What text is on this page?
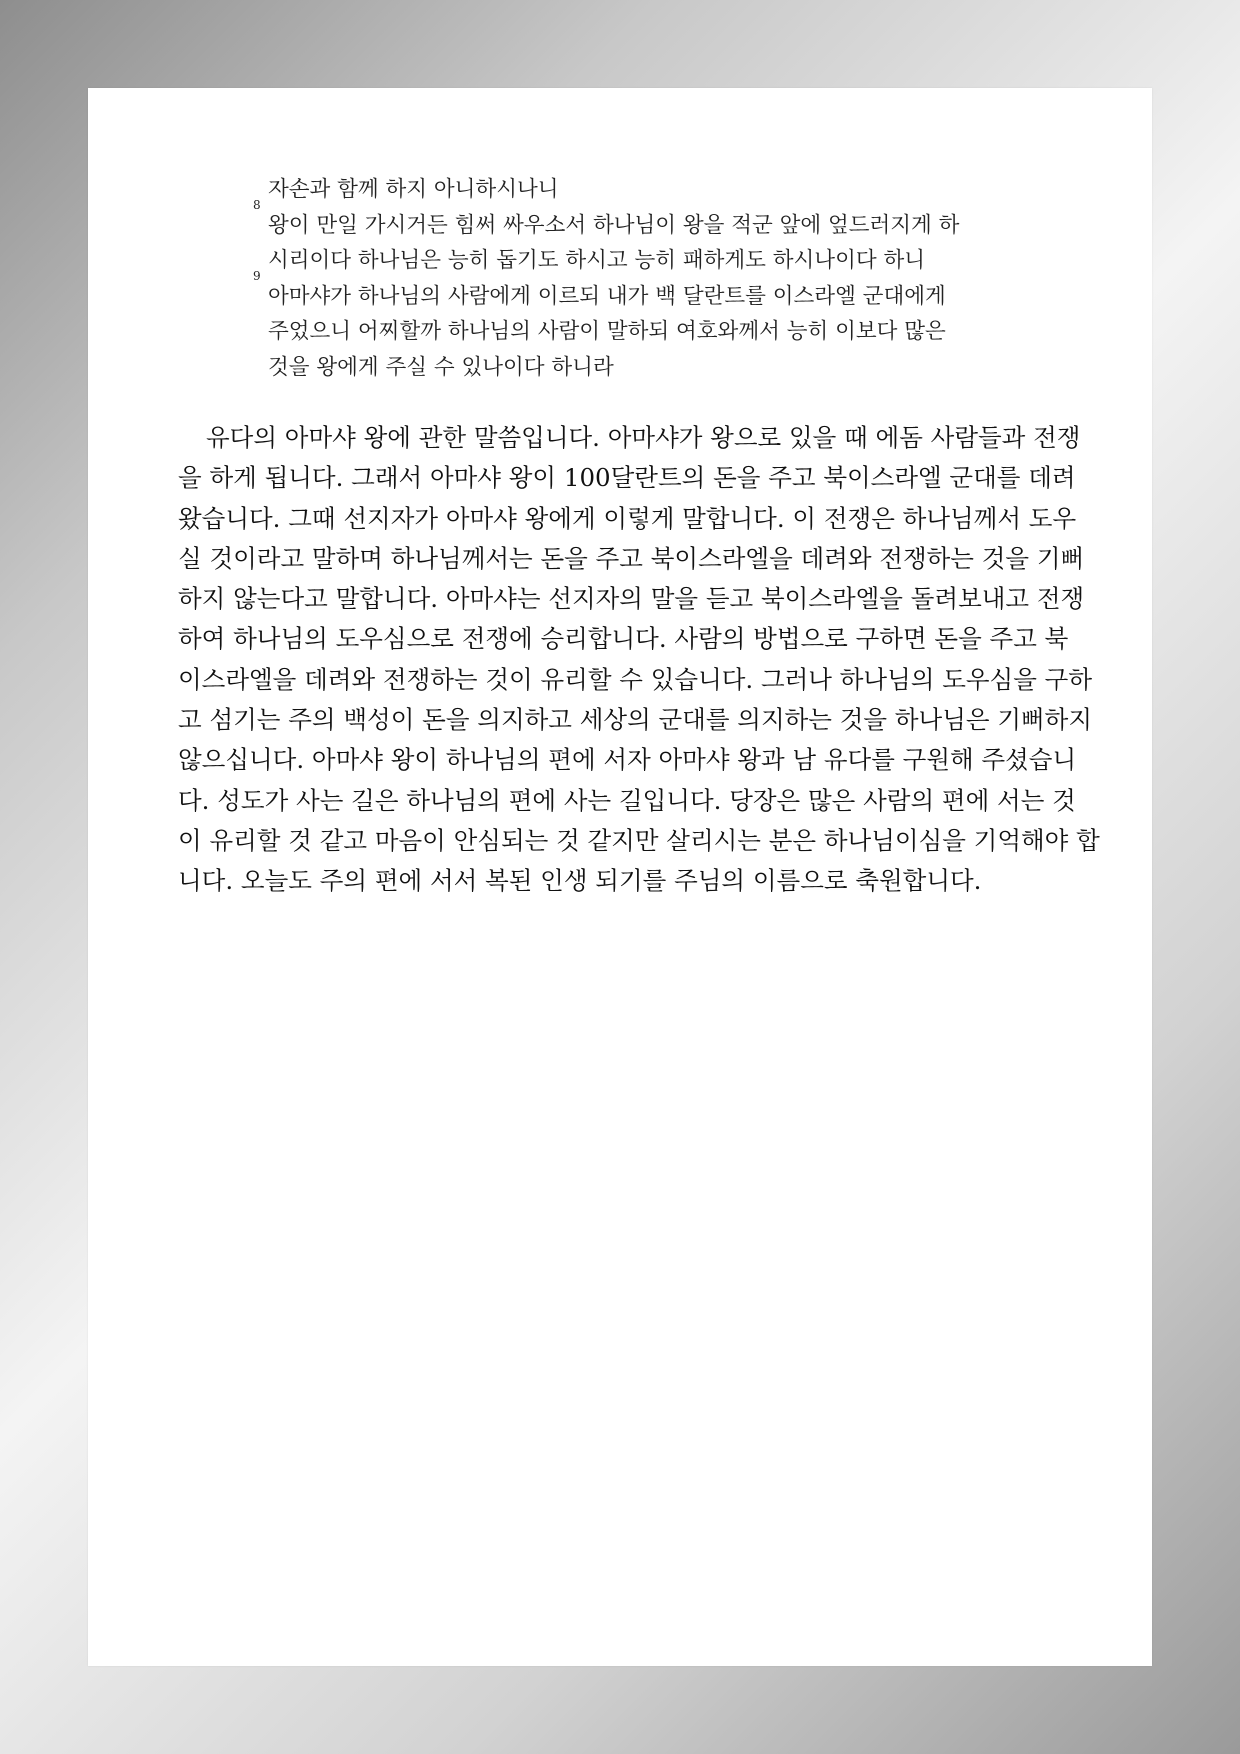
자손과 함께 하지 아니하시나니
8
왕이 만일 가시거든 힘써 싸우소서 하나님이 왕을 적군 앞에 엎드러지게 하
시리이다 하나님은 능히 돕기도 하시고 능히 패하게도 하시나이다 하니
9
아마샤가 하나님의 사람에게 이르되 내가 백 달란트를 이스라엘 군대에게
주었으니 어찌할까 하나님의 사람이 말하되 여호와께서 능히 이보다 많은
것을 왕에게 주실 수 있나이다 하니라
유다의 아마샤 왕에 관한 말씀입니다. 아마샤가 왕으로 있을 때 에돔 사람들과 전쟁
을 하게 됩니다. 그래서 아마샤 왕이 100달란트의 돈을 주고 북이스라엘 군대를 데려
왔습니다. 그때 선지자가 아마샤 왕에게 이렇게 말합니다. 이 전쟁은 하나님께서 도우
실 것이라고 말하며 하나님께서는 돈을 주고 북이스라엘을 데려와 전쟁하는 것을 기뻐
하지 않는다고 말합니다. 아마샤는 선지자의 말을 듣고 북이스라엘을 돌려보내고 전쟁
하여 하나님의 도우심으로 전쟁에 승리합니다. 사람의 방법으로 구하면 돈을 주고 북
이스라엘을 데려와 전쟁하는 것이 유리할 수 있습니다. 그러나 하나님의 도우심을 구하
고 섬기는 주의 백성이 돈을 의지하고 세상의 군대를 의지하는 것을 하나님은 기뻐하지
않으십니다. 아마샤 왕이 하나님의 편에 서자 아마샤 왕과 남 유다를 구원해 주셨습니
다. 성도가 사는 길은 하나님의 편에 사는 길입니다. 당장은 많은 사람의 편에 서는 것
이 유리할 것 같고 마음이 안심되는 것 같지만 살리시는 분은 하나님이심을 기억해야 합
니다. 오늘도 주의 편에 서서 복된 인생 되기를 주님의 이름으로 축원합니다.
